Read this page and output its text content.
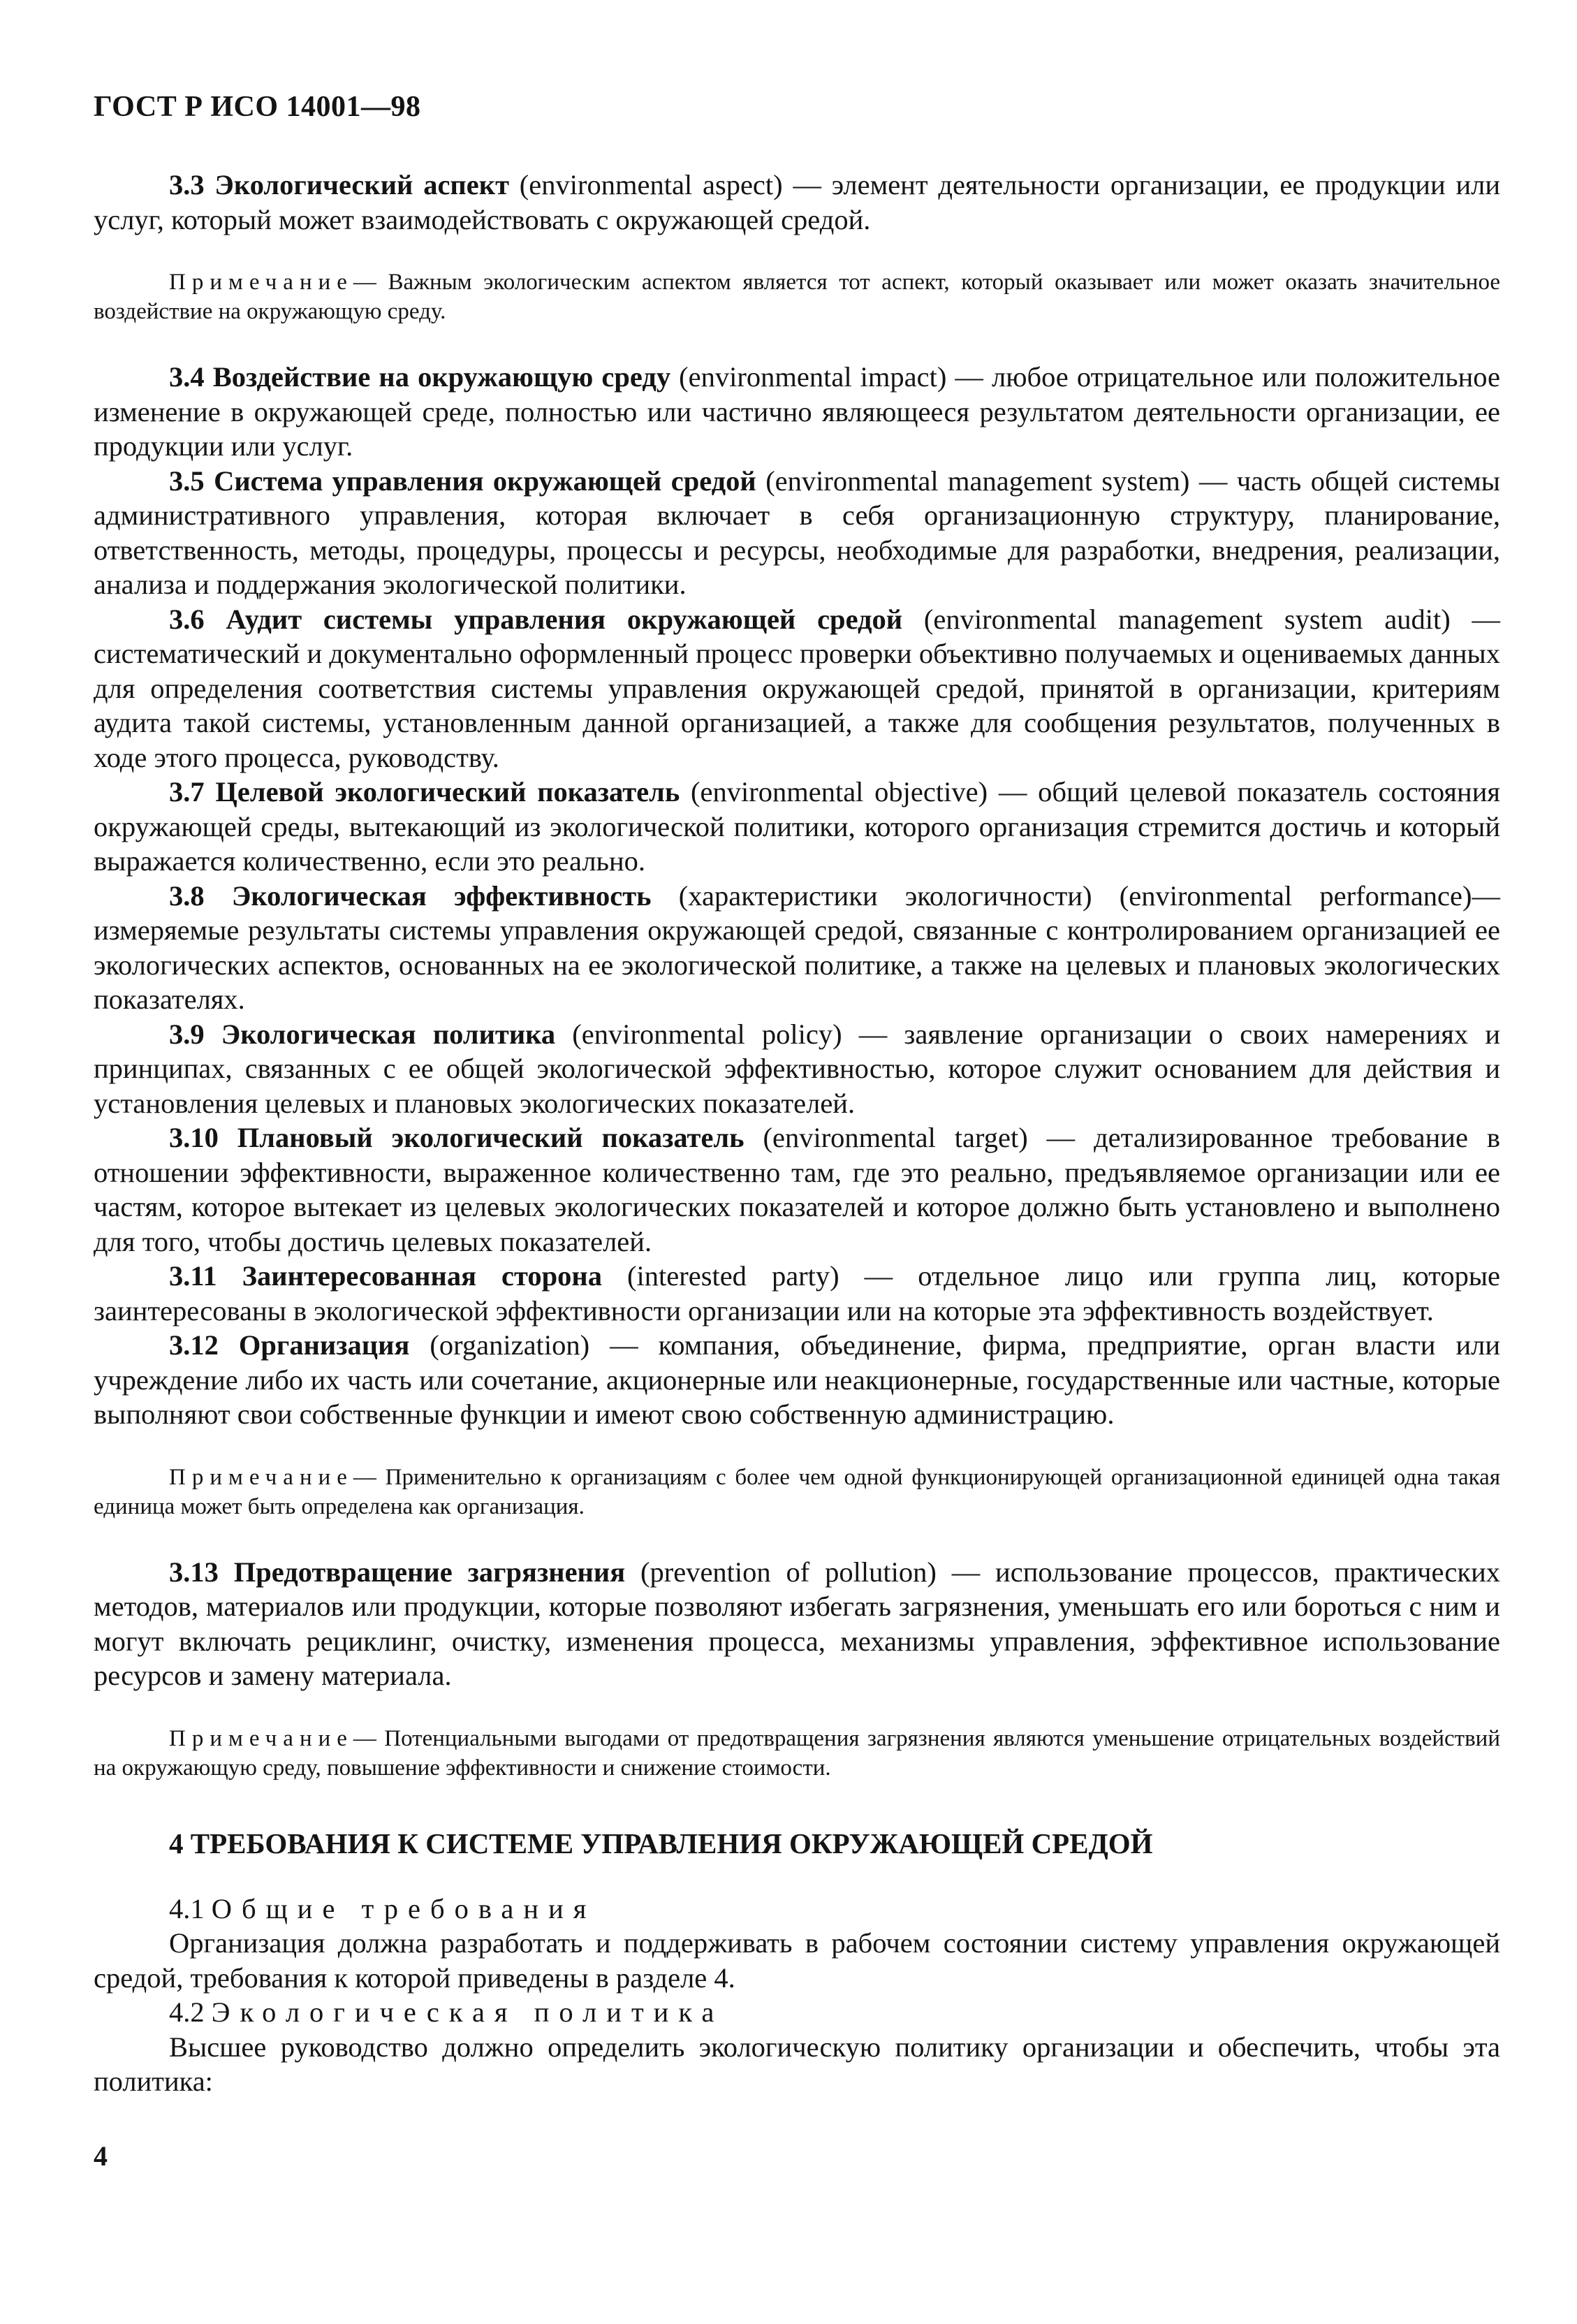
ГОСТ Р ИСО 14001—98

3.3 Экологический аспект (environmental aspect) — элемент деятельности организации, ее продукции или услуг, который может взаимодействовать с окружающей средой.

Примечание— Важным экологическим аспектом является тот аспект, который оказывает или может оказать значительное воздействие на окружающую среду.

3.4 Воздействие на окружающую среду (environmental impact) — любое отрицательное или положительное изменение в окружающей среде, полностью или частично являющееся результатом деятельности организации, ее продукции или услуг.

3.5 Система управления окружающей средой (environmental management system) — часть общей системы административного управления, которая включает в себя организационную структуру, планирование, ответственность, методы, процедуры, процессы и ресурсы, необходимые для разработки, внедрения, реализации, анализа и поддержания экологической политики.

3.6 Аудит системы управления окружающей средой (environmental management system audit) — систематический и документально оформленный процесс проверки объективно получаемых и оцениваемых данных для определения соответствия системы управления окружающей средой, принятой в организации, критериям аудита такой системы, установленным данной организацией, а также для сообщения результатов, полученных в ходе этого процесса, руководству.

3.7 Целевой экологический показатель (environmental objective) — общий целевой показатель состояния окружающей среды, вытекающий из экологической политики, которого организация стремится достичь и который выражается количественно, если это реально.

3.8 Экологическая эффективность (характеристики экологичности) (environmental performance)— измеряемые результаты системы управления окружающей средой, связанные с контролированием организацией ее экологических аспектов, основанных на ее экологической политике, а также на целевых и плановых экологических показателях.

3.9 Экологическая политика (environmental policy) — заявление организации о своих намерениях и принципах, связанных с ее общей экологической эффективностью, которое служит основанием для действия и установления целевых и плановых экологических показателей.

3.10 Плановый экологический показатель (environmental target) — детализированное требование в отношении эффективности, выраженное количественно там, где это реально, предъявляемое организации или ее частям, которое вытекает из целевых экологических показателей и которое должно быть установлено и выполнено для того, чтобы достичь целевых показателей.

3.11 Заинтересованная сторона (interested party) — отдельное лицо или группа лиц, которые заинтересованы в экологической эффективности организации или на которые эта эффективность воздействует.

3.12 Организация (organization) — компания, объединение, фирма, предприятие, орган власти или учреждение либо их часть или сочетание, акционерные или неакционерные, государственные или частные, которые выполняют свои собственные функции и имеют свою собственную администрацию.

Примечание— Применительно к организациям с более чем одной функционирующей организационной единицей одна такая единица может быть определена как организация.

3.13 Предотвращение загрязнения (prevention of pollution) — использование процессов, практических методов, материалов или продукции, которые позволяют избегать загрязнения, уменьшать его или бороться с ним и могут включать рециклинг, очистку, изменения процесса, механизмы управления, эффективное использование ресурсов и замену материала.

Примечание— Потенциальными выгодами от предотвращения загрязнения являются уменьшение отрицательных воздействий на окружающую среду, повышение эффективности и снижение стоимости.

4 ТРЕБОВАНИЯ К СИСТЕМЕ УПРАВЛЕНИЯ ОКРУЖАЮЩЕЙ СРЕДОЙ
4.1 Общие требования

Организация должна разработать и поддерживать в рабочем состоянии систему управления окружающей средой, требования к которой приведены в разделе 4.

4.2 Экологическая политика

Высшее руководство должно определить экологическую политику организации и обеспечить, чтобы эта политика:

4
